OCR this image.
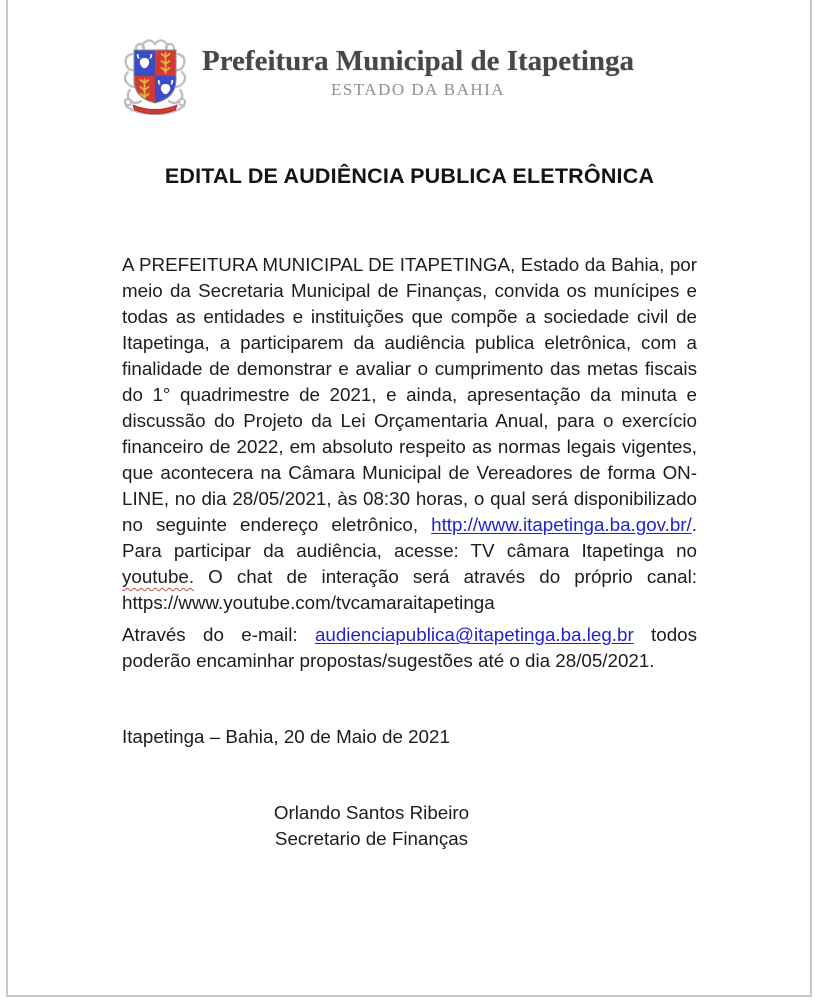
Prefeitura Municipal de Itapetinga
ESTADO DA BAHIA
EDITAL DE AUDIÊNCIA PUBLICA ELETRÔNICA
A PREFEITURA MUNICIPAL DE ITAPETINGA, Estado da Bahia, por
meio da Secretaria Municipal de Finanças, convida os munícipes e
todas as entidades e instituições que compõe a sociedade civil de
Itapetinga, a participarem da audiência publica eletrônica, com a
finalidade de demonstrar e avaliar o cumprimento das metas fiscais
do 1° quadrimestre de 2021, e ainda, apresentação da minuta e
discussão do Projeto da Lei Orçamentaria Anual, para o exercício
financeiro de 2022, em absoluto respeito as normas legais vigentes,
que acontecera na Câmara Municipal de Vereadores de forma ON-
LINE, no dia 28/05/2021, às 08:30 horas, o qual será disponibilizado
no seguinte endereço eletrônico, http://www.itapetinga.ba.gov.br/.
Para participar da audiência, acesse: TV câmara Itapetinga no
youtube. O chat de interação será através do próprio canal:
https://www.youtube.com/tvcamaraitapetinga
Através do e-mail: audienciapublica@itapetinga.ba.leg.br todos
poderão encaminhar propostas/sugestões até o dia 28/05/2021.
Itapetinga – Bahia, 20 de Maio de 2021
Orlando Santos Ribeiro
Secretario de Finanças
